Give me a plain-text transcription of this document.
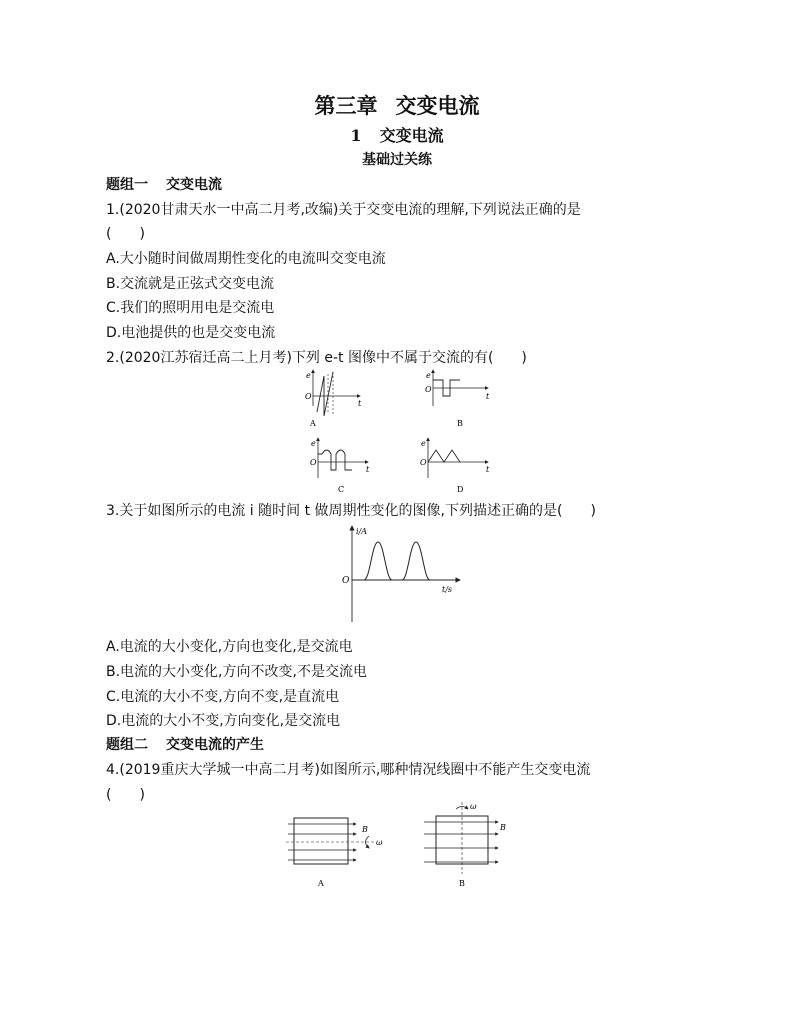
第三章 交变电流
1 交变电流
基础过关练
题组一 交变电流
1.(2020甘肃天水一中高二月考,改编)关于交变电流的理解,下列说法正确的是
(　　)
A.大小随时间做周期性变化的电流叫交变电流
B.交流就是正弦式交变电流
C.我们的照明用电是交流电
D.电池提供的也是交变电流
2.(2020江苏宿迁高二上月考)下列 e-t 图像中不属于交流的有(　　)
e
O
t
A
e
O
t
B
e
O
t
C
e
O
t
D
3.关于如图所示的电流 i 随时间 t 做周期性变化的图像,下列描述正确的是(　　)
i/A
O
t/s
A.电流的大小变化,方向也变化,是交流电
B.电流的大小变化,方向不改变,不是交流电
C.电流的大小不变,方向不变,是直流电
D.电流的大小不变,方向变化,是交流电
题组二 交变电流的产生
4.(2019重庆大学城一中高二月考)如图所示,哪种情况线圈中不能产生交变电流
(　　)
B
ω
A
ω
B
B
